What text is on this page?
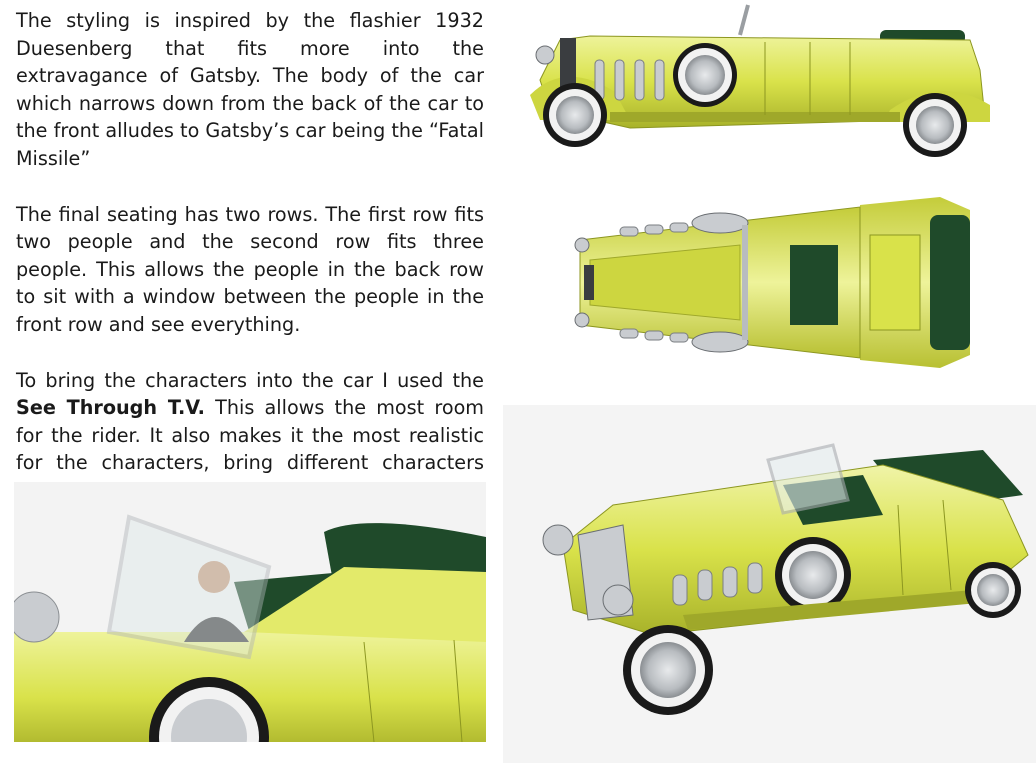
The styling is inspired by the flashier 1932 Duesenberg that fits more into the extravagance of Gatsby. The body of the car which narrows down from the back of the car to the front alludes to Gatsby’s car being the “Fatal Missile”

The final seating has two rows. The first row fits two people and the second row fits three people. This allows the people in the back row to sit with a window between the people in the front row and see everything.

To bring the characters into the car I used the See Through T.V. This allows the most room for the rider. It also makes it the most realistic for the characters, bring different characters
